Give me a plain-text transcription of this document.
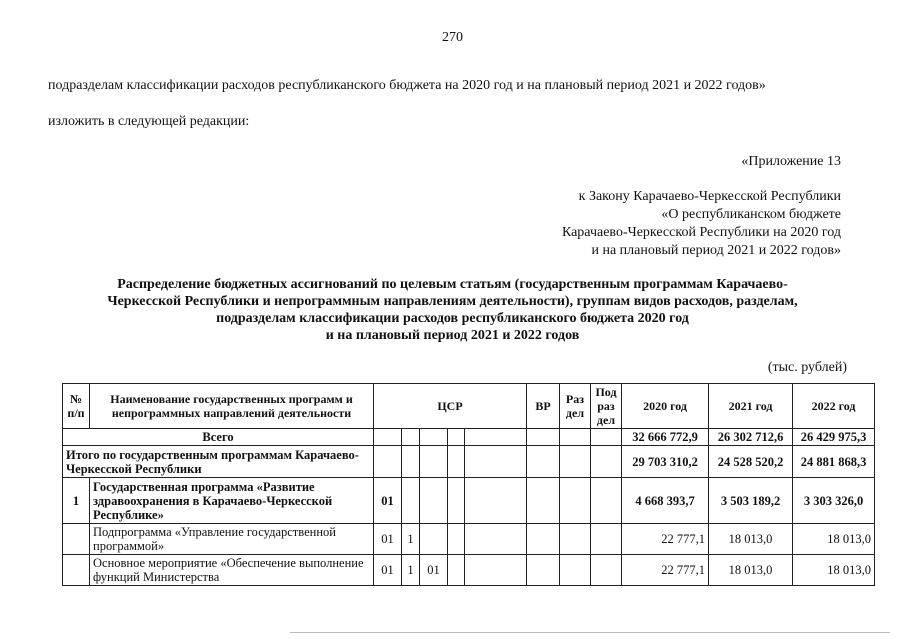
270
подразделам классификации расходов республиканского бюджета на 2020 год и на плановый период 2021 и 2022 годов»
изложить в следующей редакции:
«Приложение 13
к Закону Карачаево-Черкесской Республики
«О республиканском бюджете
Карачаево-Черкесской Республики на 2020 год
и на плановый период 2021 и 2022 годов»
Распределение бюджетных ассигнований по целевым статьям (государственным программам Карачаево-
Черкесской Республики и непрограммным направлениям деятельности), группам видов расходов, разделам,
подразделам классификации расходов республиканского бюджета 2020 год
и на плановый период 2021 и 2022 годов
(тыс. рублей)
№ п/п	Наименование государственных программ и непрограммных направлений деятельности	ЦСР					ВР	Раз дел	Под раз дел	2020 год	2021 год	2022 год
Всего										32 666 772,9	26 302 712,6	26 429 975,3
Итого по государственным программам Карачаево-Черкесской Республики										29 703 310,2	24 528 520,2	24 881 868,3
1	Государственная программа «Развитие здравоохранения в Карачаево-Черкесской Республике»	01								4 668 393,7	3 503 189,2	3 303 326,0
	Подпрограмма «Управление государственной программой»	01	1							22 777,1	18 013,0	18 013,0
	Основное мероприятие «Обеспечение выполнение функций Министерства	01	1	01						22 777,1	18 013,0	18 013,0
